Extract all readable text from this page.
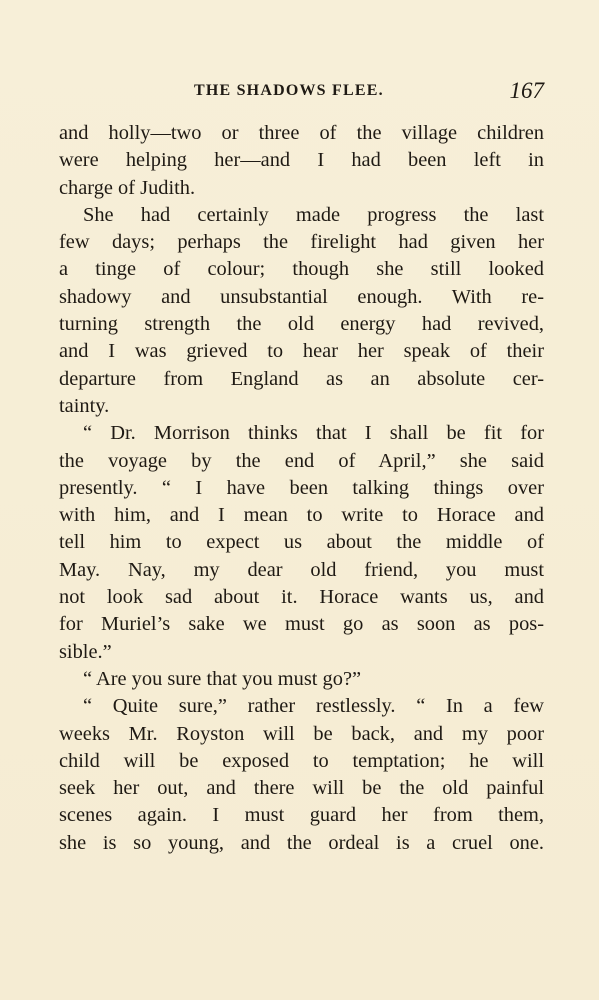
THE SHADOWS FLEE.	167
and holly—two or three of the village children
were helping her—and I had been left in
charge of Judith.
She had certainly made progress the last
few days; perhaps the firelight had given her
a tinge of colour; though she still looked
shadowy and unsubstantial enough. With re-
turning strength the old energy had revived,
and I was grieved to hear her speak of their
departure from England as an absolute cer-
tainty.
“ Dr. Morrison thinks that I shall be fit for
the voyage by the end of April,” she said
presently. “ I have been talking things over
with him, and I mean to write to Horace and
tell him to expect us about the middle of
May. Nay, my dear old friend, you must
not look sad about it. Horace wants us, and
for Muriel’s sake we must go as soon as pos-
sible.”
“ Are you sure that you must go?”
“ Quite sure,” rather restlessly. “ In a few
weeks Mr. Royston will be back, and my poor
child will be exposed to temptation; he will
seek her out, and there will be the old painful
scenes again. I must guard her from them,
she is so young, and the ordeal is a cruel one.
